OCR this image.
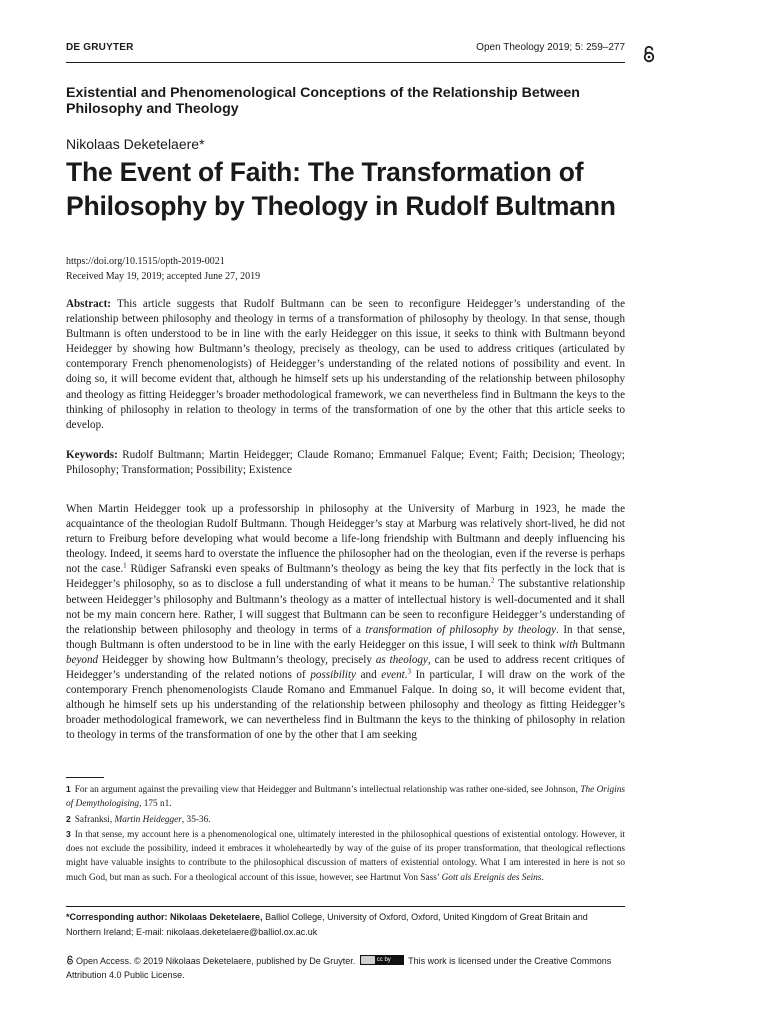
DE GRUYTER	Open Theology 2019; 5: 259–277
Existential and Phenomenological Conceptions of the Relationship Between Philosophy and Theology
Nikolaas Deketelaere*
The Event of Faith: The Transformation of
Philosophy by Theology in Rudolf Bultmann
https://doi.org/10.1515/opth-2019-0021
Received May 19, 2019; accepted June 27, 2019
Abstract: This article suggests that Rudolf Bultmann can be seen to reconfigure Heidegger’s understanding of the relationship between philosophy and theology in terms of a transformation of philosophy by theology. In that sense, though Bultmann is often understood to be in line with the early Heidegger on this issue, it seeks to think with Bultmann beyond Heidegger by showing how Bultmann’s theology, precisely as theology, can be used to address critiques (articulated by contemporary French phenomenologists) of Heidegger’s understanding of the related notions of possibility and event. In doing so, it will become evident that, although he himself sets up his understanding of the relationship between philosophy and theology as fitting Heidegger’s broader methodological framework, we can nevertheless find in Bultmann the keys to the thinking of philosophy in relation to theology in terms of the transformation of one by the other that this article seeks to develop.
Keywords: Rudolf Bultmann; Martin Heidegger; Claude Romano; Emmanuel Falque; Event; Faith; Decision; Theology; Philosophy; Transformation; Possibility; Existence
When Martin Heidegger took up a professorship in philosophy at the University of Marburg in 1923, he made the acquaintance of the theologian Rudolf Bultmann. Though Heidegger’s stay at Marburg was relatively short-lived, he did not return to Freiburg before developing what would become a life-long friendship with Bultmann and deeply influencing his theology. Indeed, it seems hard to overstate the influence the philosopher had on the theologian, even if the reverse is perhaps not the case.$^1$ Rüdiger Safranski even speaks of Bultmann’s theology as being the key that fits perfectly in the lock that is Heidegger’s philosophy, so as to disclose a full understanding of what it means to be human.$^2$ The substantive relationship between Heidegger’s philosophy and Bultmann’s theology as a matter of intellectual history is well-documented and it shall not be my main concern here. Rather, I will suggest that Bultmann can be seen to reconfigure Heidegger’s understanding of the relationship between philosophy and theology in terms of a transformation of philosophy by theology. In that sense, though Bultmann is often understood to be in line with the early Heidegger on this issue, I will seek to think with Bultmann beyond Heidegger by showing how Bultmann’s theology, precisely as theology, can be used to address recent critiques of Heidegger’s understanding of the related notions of possibility and event.$^3$ In particular, I will draw on the work of the contemporary French phenomenologists Claude Romano and Emmanuel Falque. In doing so, it will become evident that, although he himself sets up his understanding of the relationship between philosophy and theology as fitting Heidegger’s broader methodological framework, we can nevertheless find in Bultmann the keys to the thinking of philosophy in relation to theology in terms of the transformation of one by the other that I am seeking

1 For an argument against the prevailing view that Heidegger and Bultmann’s intellectual relationship was rather one-sided, see Johnson, The Origins of Demythologising, 175 n1.

2 Safranksi, Martin Heidegger, 35-36.

3 In that sense, my account here is a phenomenological one, ultimately interested in the philosophical questions of existential ontology. However, it does not exclude the possibility, indeed it embraces it wholeheartedly by way of the guise of its proper transformation, that theological reflections might have valuable insights to contribute to the philosophical discussion of matters of existential ontology. What I am interested in here is not so much God, but man as such. For a theological account of this issue, however, see Hartmut Von Sass’ Gott als Ereignis des Seins.

*Corresponding author: Nikolaas Deketelaere, Balliol College, University of Oxford, Oxford, United Kingdom of Great Britain and Northern Ireland; E-mail: nikolaas.deketelaere@balliol.ox.ac.uk
Open Access. © 2019 Nikolaas Deketelaere, published by De Gruyter.	cc by This work is licensed under the Creative Commons Attribution 4.0 Public License.
